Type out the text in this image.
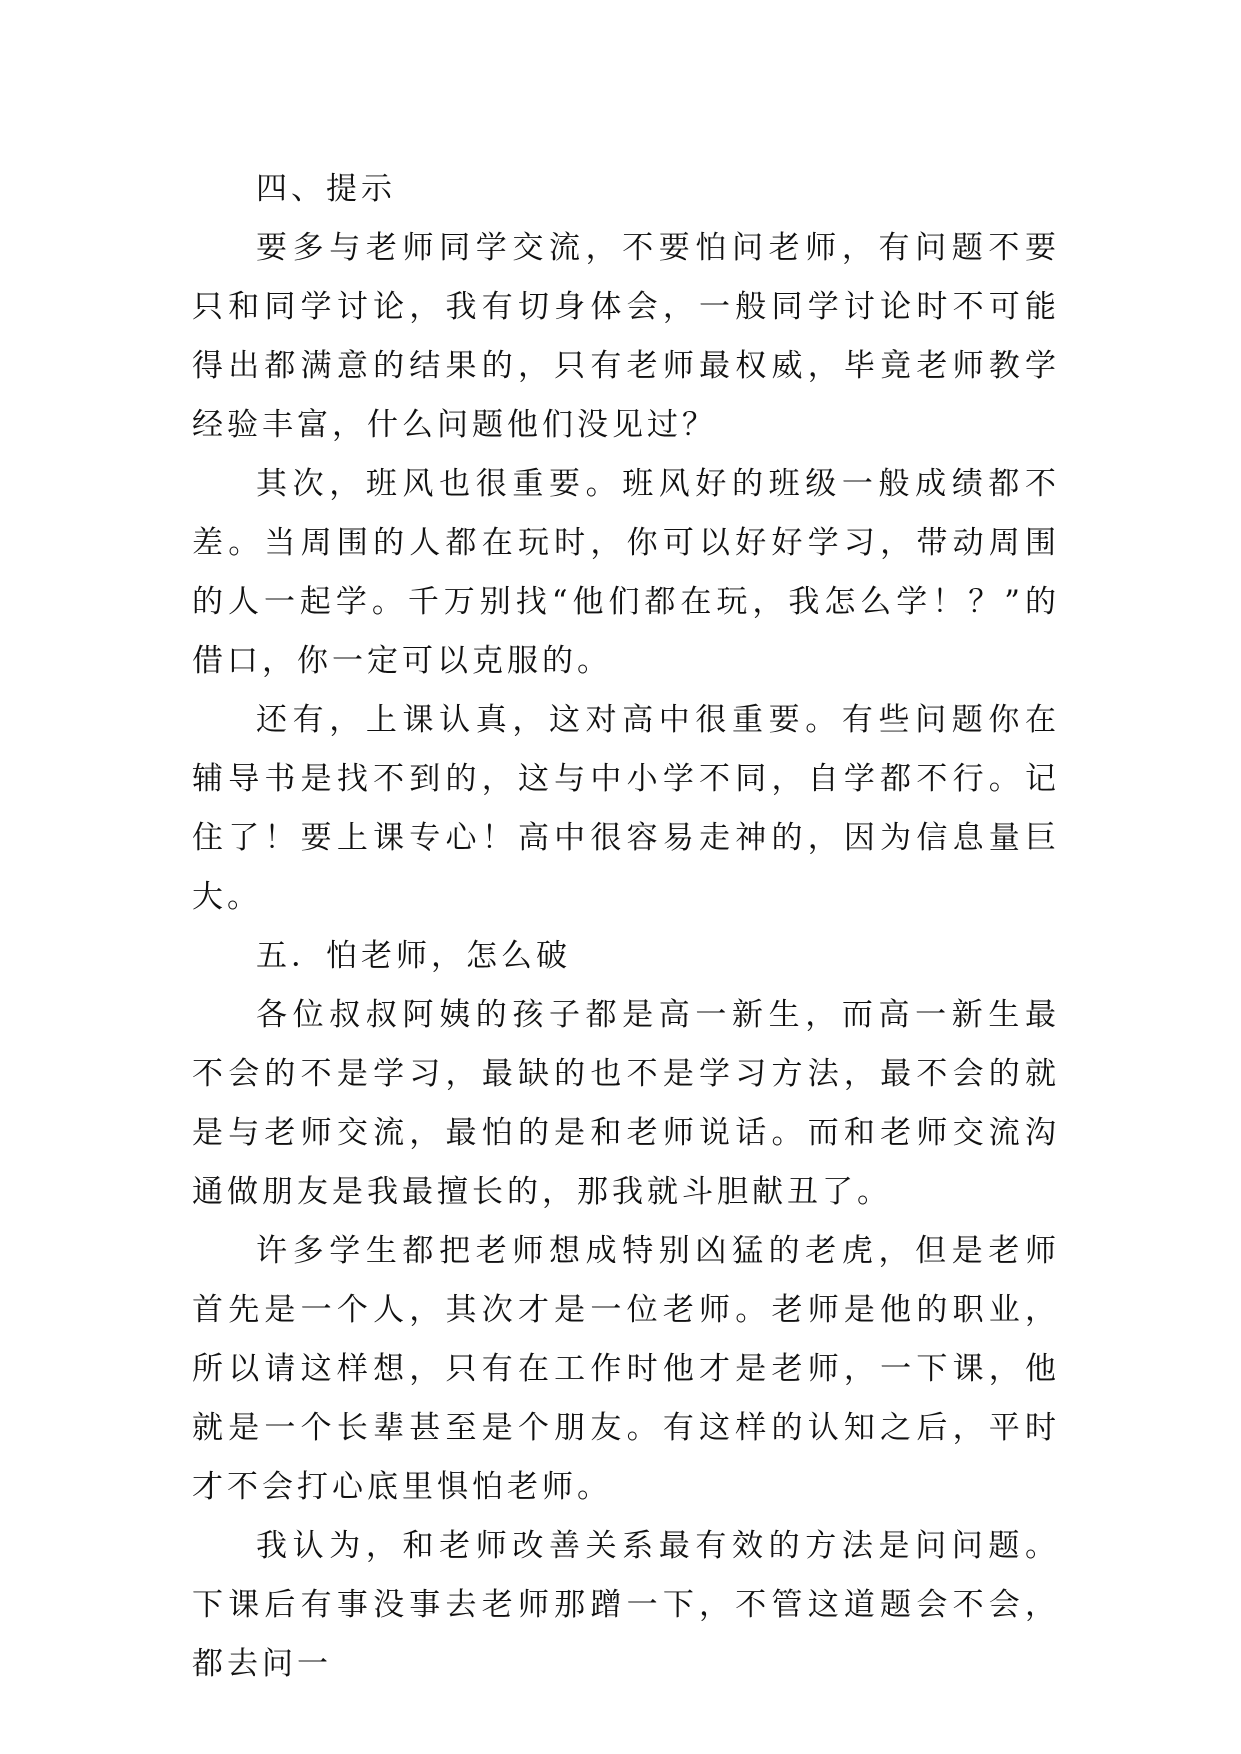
四、提示

要多与老师同学交流，不要怕问老师，有问题不要只和同学讨论，我有切身体会，一般同学讨论时不可能得出都满意的结果的，只有老师最权威，毕竟老师教学经验丰富，什么问题他们没见过？

其次，班风也很重要。班风好的班级一般成绩都不差。当周围的人都在玩时，你可以好好学习，带动周围的人一起学。千万别找“他们都在玩，我怎么学！？”的借口，你一定可以克服的。

还有，上课认真，这对高中很重要。有些问题你在辅导书是找不到的，这与中小学不同，自学都不行。记住了！要上课专心！高中很容易走神的，因为信息量巨大。

五．怕老师，怎么破

各位叔叔阿姨的孩子都是高一新生，而高一新生最不会的不是学习，最缺的也不是学习方法，最不会的就是与老师交流，最怕的是和老师说话。而和老师交流沟通做朋友是我最擅长的，那我就斗胆献丑了。

许多学生都把老师想成特别凶猛的老虎，但是老师首先是一个人，其次才是一位老师。老师是他的职业，所以请这样想，只有在工作时他才是老师，一下课，他就是一个长辈甚至是个朋友。有这样的认知之后，平时才不会打心底里惧怕老师。

我认为，和老师改善关系最有效的方法是问问题。下课后有事没事去老师那蹭一下，不管这道题会不会，都去问一
